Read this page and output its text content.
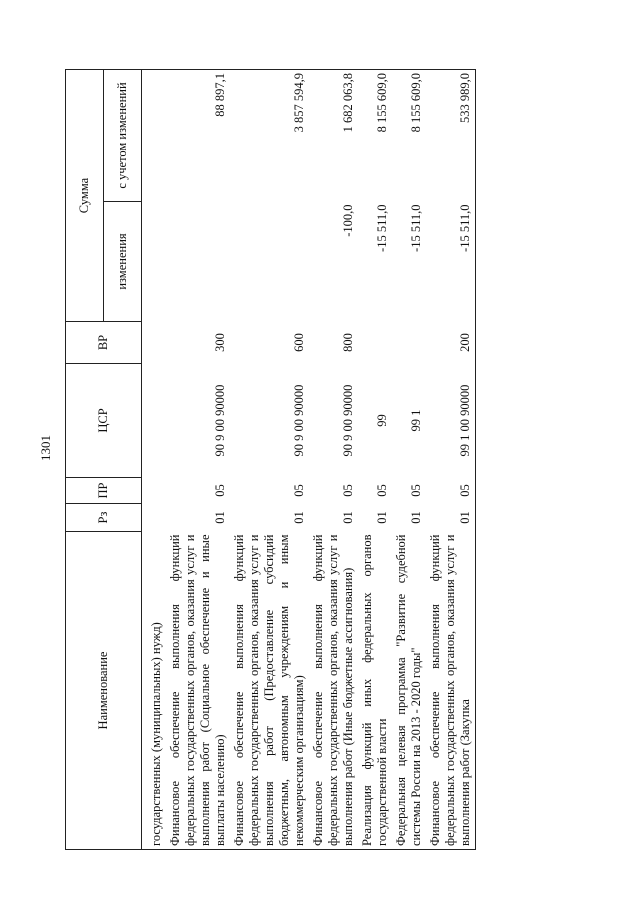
1301
Наименование	Рз	ПР	ЦСР	ВР	Сумма	
					изменения	с учетом изменений
государственных (муниципальных) нужд)						
Финансовое обеспечение выполнения функций федеральных государственных органов, оказания услуг и выполнения работ (Социальное обеспечение и иные выплаты населению)	01	05	90 9 00 90000	300		88 897,1
Финансовое обеспечение выполнения функций федеральных государственных органов, оказания услуг и выполнения работ (Предоставление субсидий бюджетным, автономным учреждениям и иным некоммерческим организациям)	01	05	90 9 00 90000	600		3 857 594,9
Финансовое обеспечение выполнения функций федеральных государственных органов, оказания услуг и выполнения работ (Иные бюджетные ассигнования)	01	05	90 9 00 90000	800	-100,0	1 682 063,8
Реализация функций иных федеральных органов государственной власти	01	05	99		-15 511,0	8 155 609,0
Федеральная целевая программа "Развитие судебной системы России на 2013 - 2020 годы"	01	05	99 1		-15 511,0	8 155 609,0
Финансовое обеспечение выполнения функций федеральных государственных органов, оказания услуг и выполнения работ (Закупка	01	05	99 1 00 90000	200	-15 511,0	533 989,0
